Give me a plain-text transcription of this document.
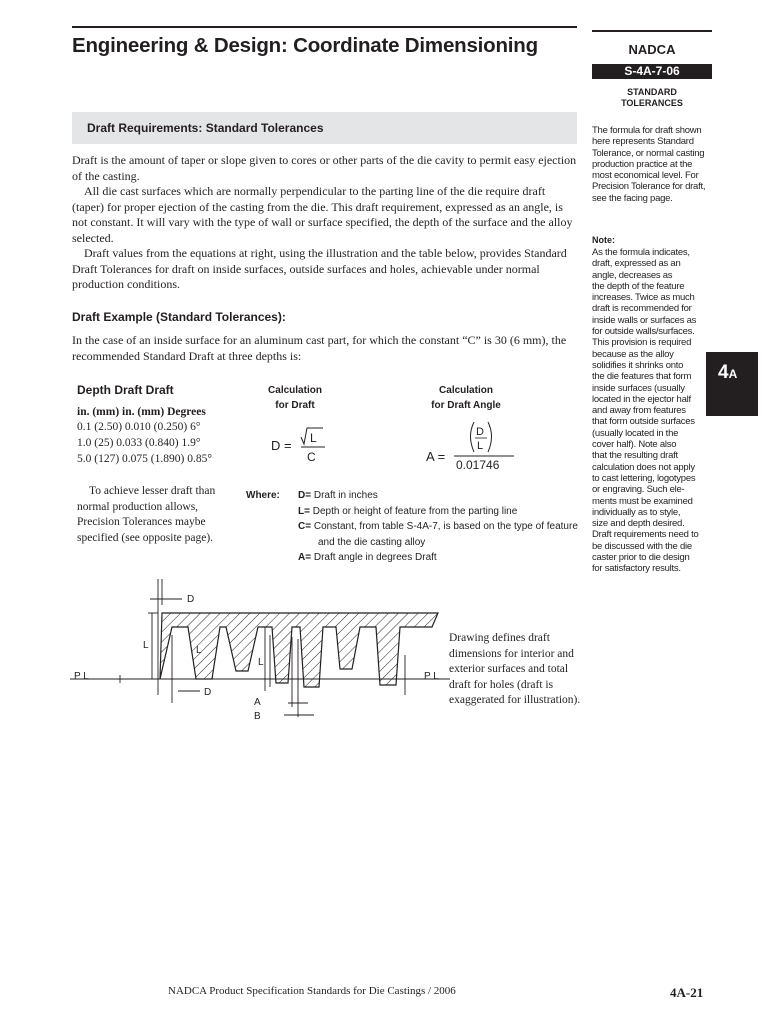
Engineering & Design: Coordinate Dimensioning	NADCA
S-4A-7-06
STANDARD
TOLERANCES
The formula for draft shown
here represents Standard
Tolerance, or normal casting
production practice at the
most economical level. For
Precision Tolerance for draft,
see the facing page.
Note:
As the formula indicates,
draft, expressed as an
angle, decreases as
the depth of the feature
increases. Twice as much
draft is recommended for
inside walls or surfaces as
for outside walls/surfaces.
This provision is required
because as the alloy
solidifies it shrinks onto
the die features that form
inside surfaces (usually
located in the ejector half
and away from features
that form outside surfaces
(usually located in the
cover half). Note also
that the resulting draft
calculation does not apply
to cast lettering, logotypes
or engraving. Such ele-
ments must be examined
individually as to style,
size and depth desired.
Draft requirements need to
be discussed with the die
caster prior to die design
for satisfactory results.
4A
Draft Requirements: Standard Tolerances
Draft is the amount of taper or slope given to cores or other parts of the die cavity to permit easy ejection of the casting.
All die cast surfaces which are normally perpendicular to the parting line of the die require draft (taper) for proper ejection of the casting from the die. This draft requirement, expressed as an angle, is not constant. It will vary with the type of wall or surface specified, the depth of the surface and the alloy selected.
Draft values from the equations at right, using the illustration and the table below, provides Standard Draft Tolerances for draft on inside surfaces, outside surfaces and holes, achievable under normal production conditions.
Draft Example (Standard Tolerances):
In the case of an inside surface for an aluminum cast part, for which the constant “C” is 30 (6 mm), the recommended Standard Draft at three depths is:
Depth Draft Draft
in. (mm) in. (mm) Degrees
0.1 (2.50) 0.010 (0.250) 6°
1.0 (25) 0.033 (0.840) 1.9°
5.0 (127) 0.075 (1.890) 0.85°
Calculation
for Draft
Calculation
for Draft Angle
D = L
C	A =
D
L
0.01746
To achieve lesser draft than normal production allows, Precision Tolerances maybe specified (see opposite page).
Where: D= Draft in inches
L= Depth or height of feature from the parting line
C= Constant, from table S-4A-7, is based on the type of feature
and the die casting alloy
A= Draft angle in degrees Draft
D
L	L
L
P L	P L
D
A
B
Drawing defines draft dimensions for interior and exterior surfaces and total draft for holes (draft is exaggerated for illustration).
NADCA Product Specification Standards for Die Castings / 2006	4A-21
